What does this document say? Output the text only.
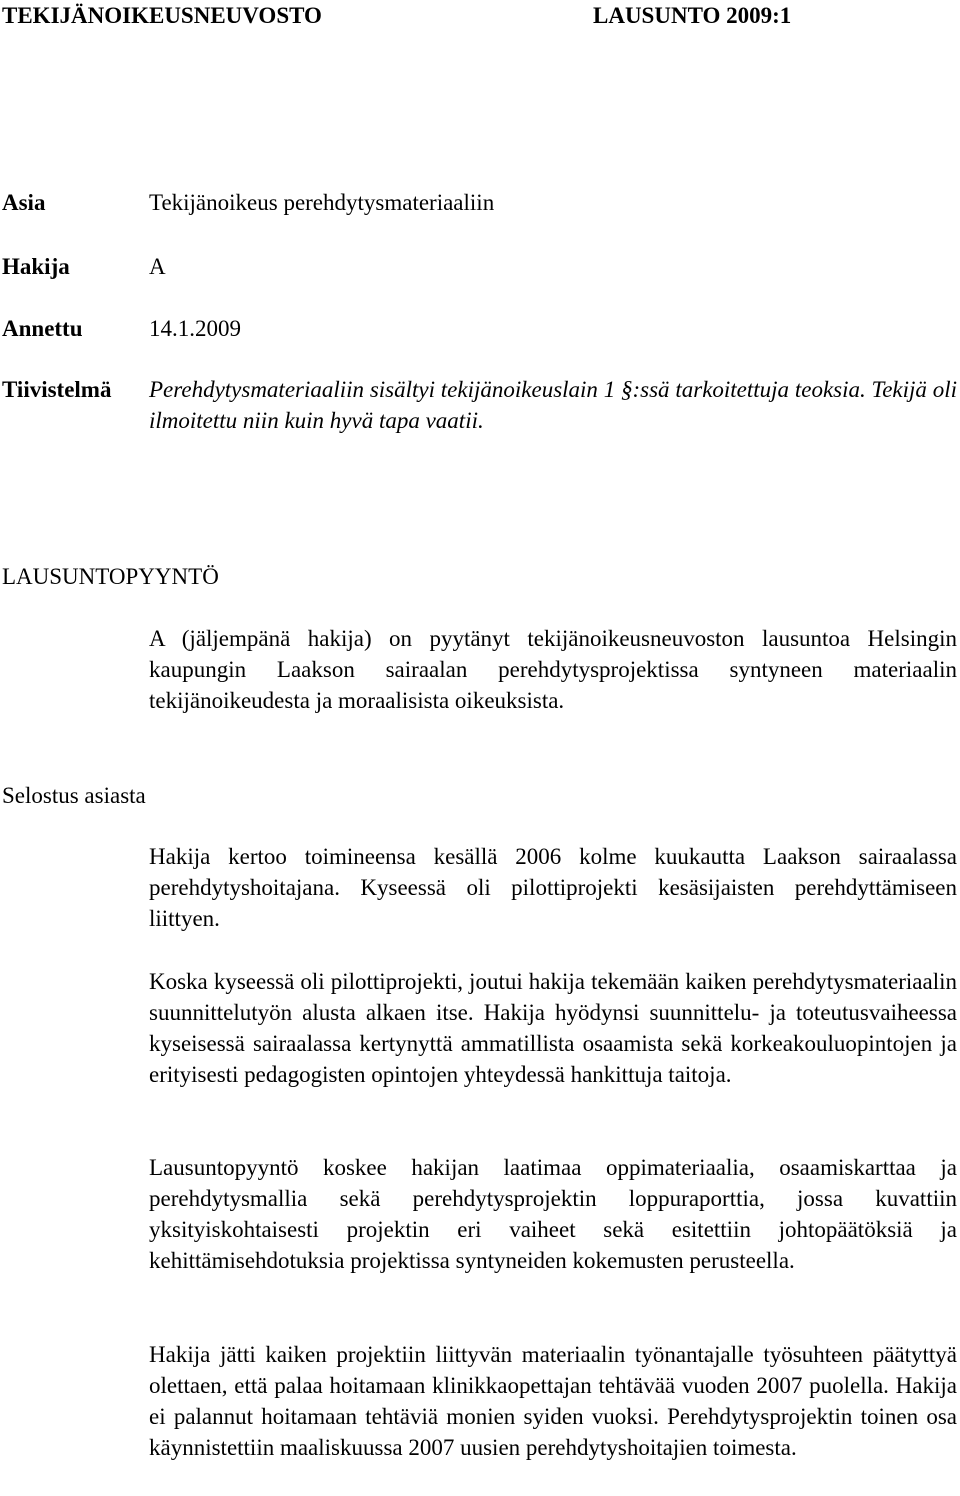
TEKIJÄNOIKEUSNEUVOSTO	LAUSUNTO 2009:1
Asia	Tekijänoikeus perehdytysmateriaaliin
Hakija	A
Annettu	14.1.2009
Tiivistelmä Perehdytysmateriaaliin sisältyi tekijänoikeuslain 1 §:ssä tarkoitettuja teoksia. Tekijä oli ilmoitettu niin kuin hyvä tapa vaatii.
LAUSUNTOPYYNTÖ
A (jäljempänä hakija) on pyytänyt tekijänoikeusneuvoston lausuntoa Helsingin kaupungin Laakson sairaalan perehdytysprojektissa syntyneen materiaalin tekijänoikeudesta ja moraalisista oikeuksista.
Selostus asiasta
Hakija kertoo toimineensa kesällä 2006 kolme kuukautta Laakson sairaalassa perehdytyshoitajana. Kyseessä oli pilottiprojekti kesäsijaisten perehdyttämiseen liittyen.
Koska kyseessä oli pilottiprojekti, joutui hakija tekemään kaiken perehdytysmateriaalin suunnittelutyön alusta alkaen itse. Hakija hyödynsi suunnittelu- ja toteutusvaiheessa kyseisessä sairaalassa kertynyttä ammatillista osaamista sekä korkeakouluopintojen ja erityisesti pedagogisten opintojen yhteydessä hankittuja taitoja.
Lausuntopyyntö koskee hakijan laatimaa oppimateriaalia, osaamiskarttaa ja perehdytysmallia sekä perehdytysprojektin loppuraporttia, jossa kuvattiin yksityiskohtaisesti projektin eri vaiheet sekä esitettiin johtopäätöksiä ja kehittämisehdotuksia projektissa syntyneiden kokemusten perusteella.
Hakija jätti kaiken projektiin liittyvän materiaalin työnantajalle työsuhteen päätyttyä olettaen, että palaa hoitamaan klinikkaopettajan tehtävää vuoden 2007 puolella. Hakija ei palannut hoitamaan tehtäviä monien syiden vuoksi. Perehdytysprojektin toinen osa käynnistettiin maaliskuussa 2007 uusien perehdytyshoitajien toimesta.
